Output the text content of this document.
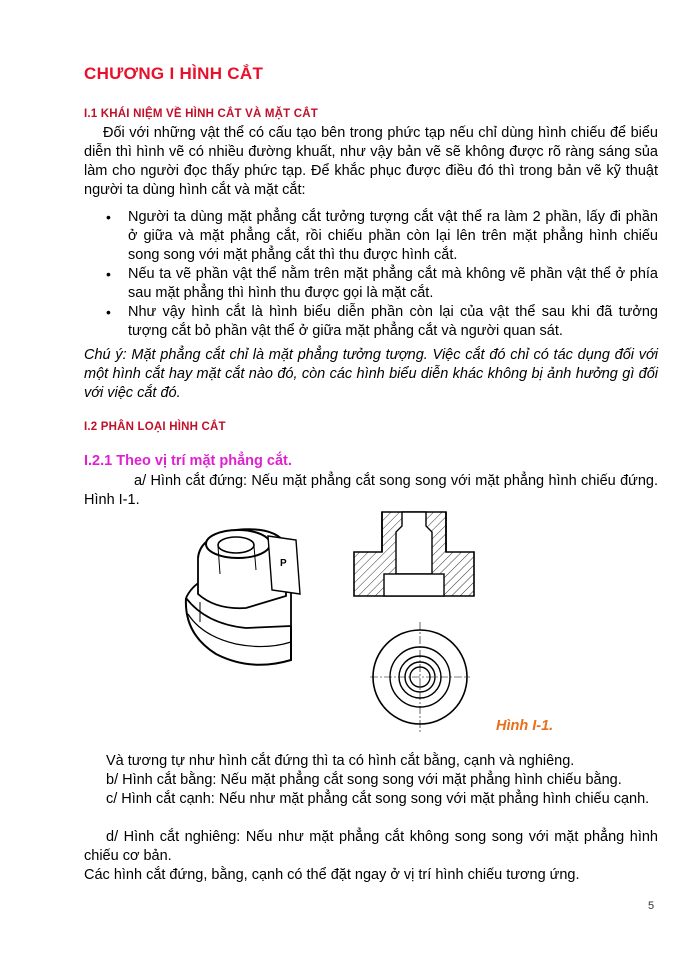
CHƯƠNG I HÌNH CẮT
I.1 KHÁI NIỆM VỀ HÌNH CẮT VÀ MẶT CẮT
Đối với những vật thể có cấu tạo bên trong phức tạp nếu chỉ dùng hình chiếu để biểu diễn thì hình vẽ có nhiều đường khuất, như vậy bản vẽ sẽ không được rõ ràng sáng sủa làm cho người đọc thấy phức tạp. Để khắc phục được điều đó thì trong bản vẽ kỹ thuật người ta dùng hình cắt và mặt cắt:
• Người ta dùng mặt phẳng cắt tưởng tượng cắt vật thể ra làm 2 phần, lấy đi phần ở giữa và mặt phẳng cắt, rồi chiếu phần còn lại lên trên mặt phẳng hình chiếu song song với mặt phẳng cắt thì thu được hình cắt.
• Nếu ta vẽ phần vật thể nằm trên mặt phẳng cắt mà không vẽ phần vật thể ở phía sau mặt phẳng thì hình thu được gọi là mặt cắt.
• Như vậy hình cắt là hình biểu diễn phần còn lại của vật thể sau khi đã tưởng tượng cắt bỏ phần vật thể ở giữa mặt phẳng cắt và người quan sát.
Chú ý: Mặt phẳng cắt chỉ là mặt phẳng tưởng tượng. Việc cắt đó chỉ có tác dụng đối với một hình cắt hay mặt cắt nào đó, còn các hình biểu diễn khác không bị ảnh hưởng gì đối với việc cắt đó.
I.2 PHÂN LOẠI HÌNH CẮT
I.2.1 Theo vị trí mặt phẳng cắt.
a/ Hình cắt đứng: Nếu mặt phẳng cắt song song với mặt phẳng hình chiếu đứng. Hình I-1.
P
Hình I-1.
Và tương tự như hình cắt đứng thì ta có hình cắt bằng, cạnh và nghiêng.
b/ Hình cắt bằng: Nếu mặt phẳng cắt song song với mặt phẳng hình chiếu bằng.
c/ Hình cắt cạnh: Nếu như mặt phẳng cắt song song với mặt phẳng hình chiếu cạnh.
d/ Hình cắt nghiêng: Nếu như mặt phẳng cắt không song song với mặt phẳng hình chiếu cơ bản.
Các hình cắt đứng, bằng, cạnh có thể đặt ngay ở vị trí hình chiếu tương ứng.
5
